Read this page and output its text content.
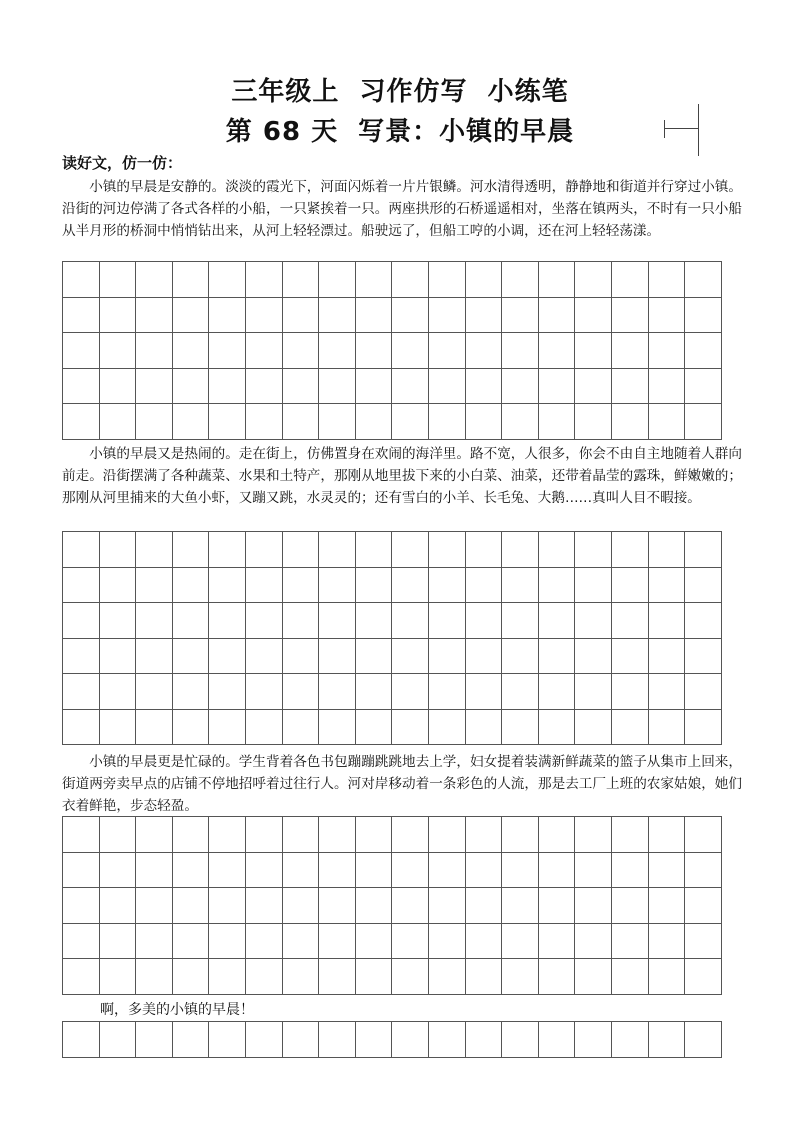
三年级上  习作仿写  小练笔
第 68 天  写景：小镇的早晨

读好文，仿一仿：

小镇的早晨是安静的。淡淡的霞光下，河面闪烁着一片片银鳞。河水清得透明，静静地和街道并行穿过小镇。沿街的河边停满了各式各样的小船，一只紧挨着一只。两座拱形的石桥遥遥相对，坐落在镇两头，不时有一只小船从半月形的桥洞中悄悄钻出来，从河上轻轻漂过。船驶远了，但船工哼的小调，还在河上轻轻荡漾。

小镇的早晨又是热闹的。走在街上，仿佛置身在欢闹的海洋里。路不宽，人很多，你会不由自主地随着人群向前走。沿街摆满了各种蔬菜、水果和土特产，那刚从地里拔下来的小白菜、油菜，还带着晶莹的露珠，鲜嫩嫩的；那刚从河里捕来的大鱼小虾，又蹦又跳，水灵灵的；还有雪白的小羊、长毛兔、大鹅……真叫人目不暇接。

小镇的早晨更是忙碌的。学生背着各色书包蹦蹦跳跳地去上学，妇女提着装满新鲜蔬菜的篮子从集市上回来，街道两旁卖早点的店铺不停地招呼着过往行人。河对岸移动着一条彩色的人流，那是去工厂上班的农家姑娘，她们衣着鲜艳，步态轻盈。

啊，多美的小镇的早晨！
